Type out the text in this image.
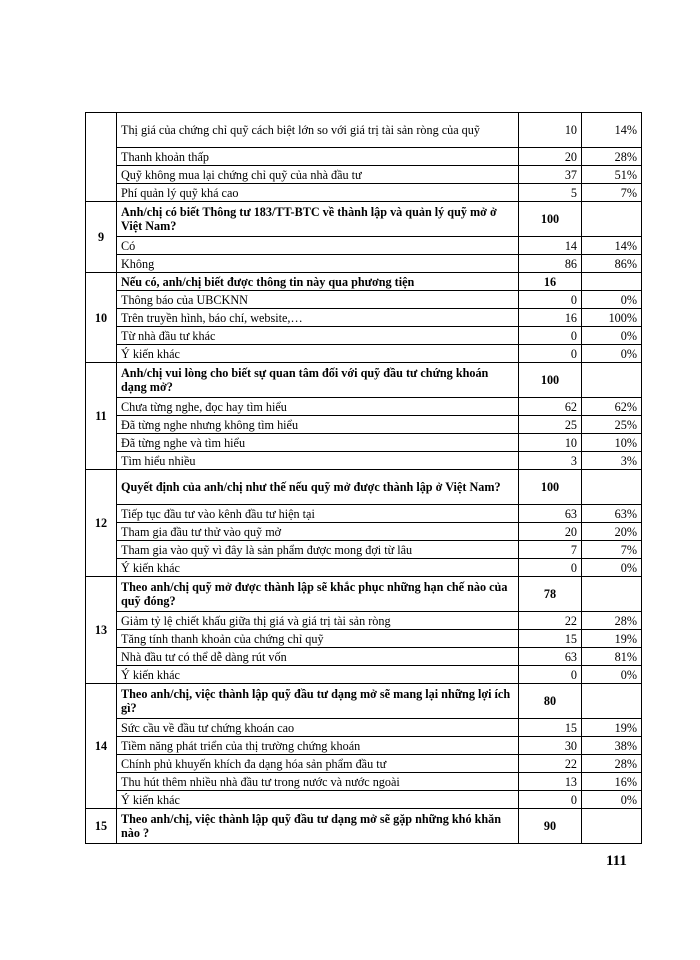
	Thị giá của chứng chỉ quỹ cách biệt lớn so với giá trị tài sản ròng của quỹ	10	14%
	Thanh khoản thấp	20	28%
	Quỹ không mua lại chứng chỉ quỹ của nhà đầu tư	37	51%
	Phí quản lý quỹ khá cao	5	7%
9	Anh/chị có biết Thông tư 183/TT-BTC về thành lập và quản lý quỹ mở ở Việt Nam?	100	
	Có	14	14%
	Không	86	86%
10	Nếu có, anh/chị biết được thông tin này qua phương tiện	16	
	Thông báo của UBCKNN	0	0%
	Trên truyền hình, báo chí, website,…	16	100%
	Từ nhà đầu tư khác	0	0%
	Ý kiến khác	0	0%
11	Anh/chị vui lòng cho biết sự quan tâm đối với quỹ đầu tư chứng khoán dạng mở?	100	
	Chưa từng nghe, đọc hay tìm hiểu	62	62%
	Đã từng nghe nhưng không tìm hiểu	25	25%
	Đã từng nghe và tìm hiểu	10	10%
	Tìm hiểu nhiều	3	3%
12	Quyết định của anh/chị như thế nếu quỹ mở được thành lập ở Việt Nam?	100	
	Tiếp tục đầu tư vào kênh đầu tư hiện tại	63	63%
	Tham gia đầu tư thử vào quỹ mở	20	20%
	Tham gia vào quỹ vì đây là sản phẩm được mong đợi từ lâu	7	7%
	Ý kiến khác	0	0%
13	Theo anh/chị quỹ mở được thành lập sẽ khắc phục những hạn chế nào của quỹ đóng?	78	
	Giảm tỷ lệ chiết khấu giữa thị giá và giá trị tài sản ròng	22	28%
	Tăng tính thanh khoản của chứng chỉ quỹ	15	19%
	Nhà đầu tư có thể dễ dàng rút vốn	63	81%
	Ý kiến khác	0	0%
14	Theo anh/chị, việc thành lập quỹ đầu tư dạng mở sẽ mang lại những lợi ích gì?	80	
	Sức cầu về đầu tư chứng khoán cao	15	19%
	Tiềm năng phát triển của thị trường chứng khoán	30	38%
	Chính phủ khuyến khích đa dạng hóa sản phẩm đầu tư	22	28%
	Thu hút thêm nhiều nhà đầu tư trong nước và nước ngoài	13	16%
	Ý kiến khác	0	0%
15	Theo anh/chị, việc thành lập quỹ đầu tư dạng mở sẽ gặp những khó khăn nào ?	90	
111
